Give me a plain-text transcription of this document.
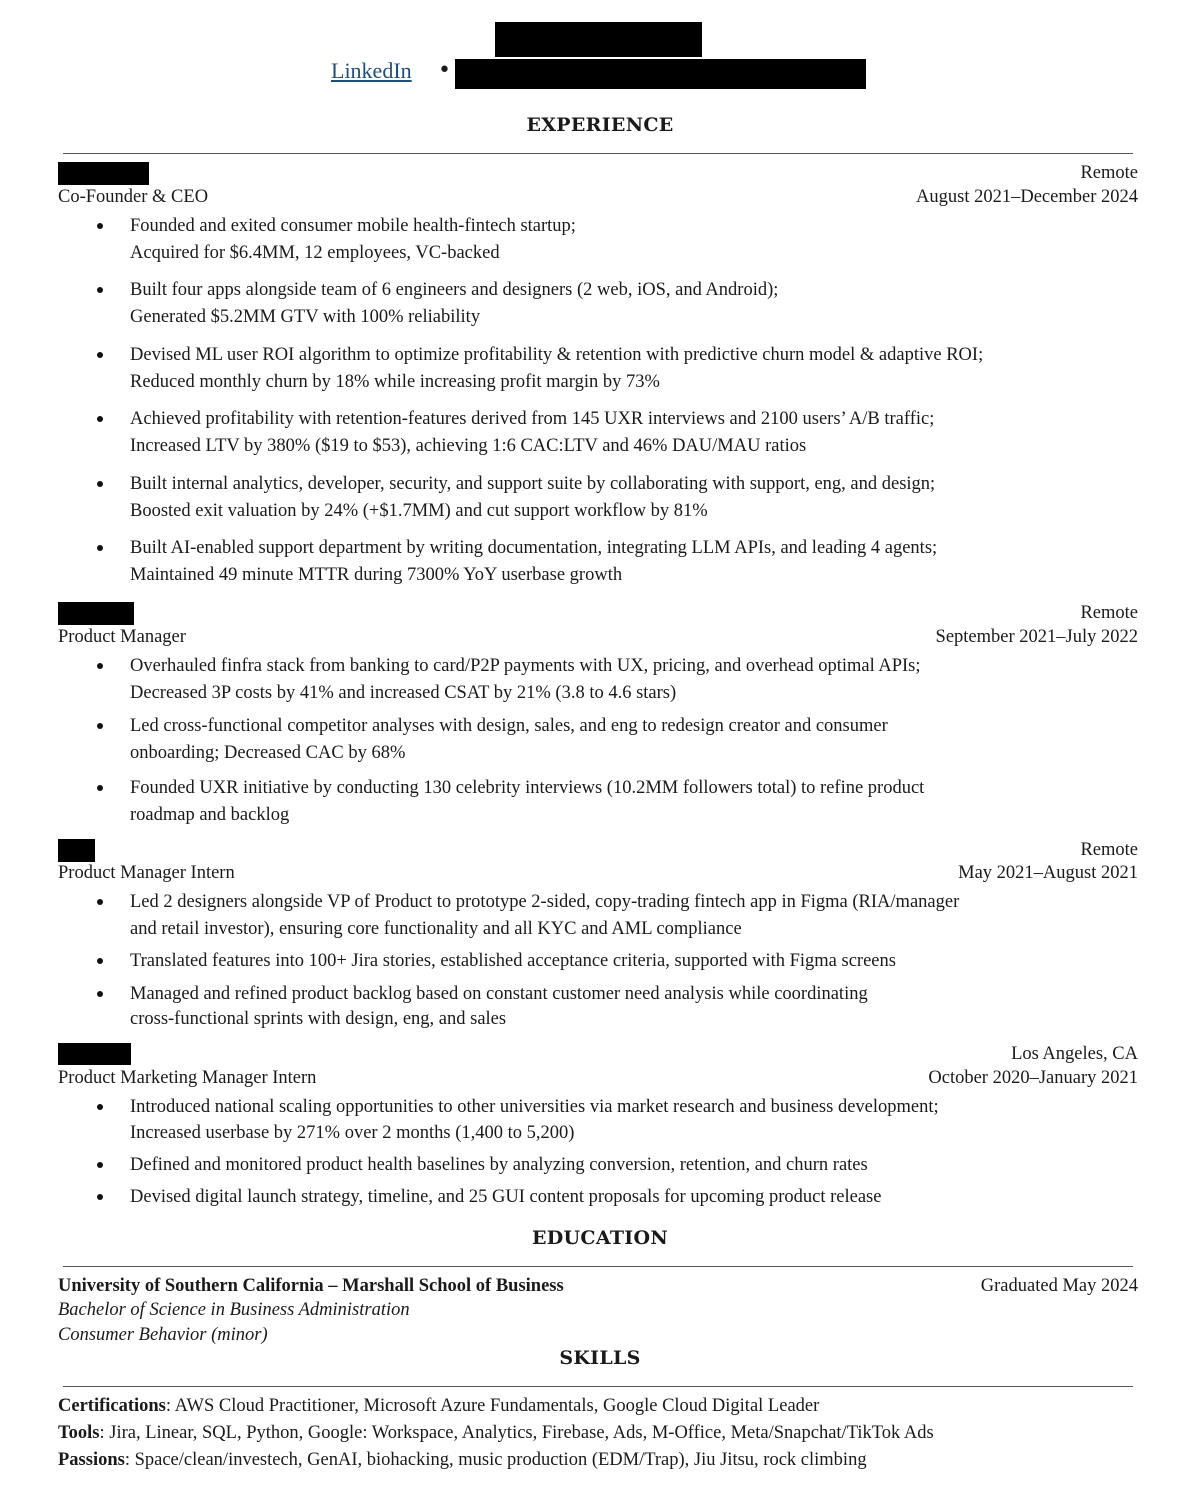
LinkedIn •
EXPERIENCE
Remote
Co-Founder & CEO	August 2021–December 2024
Founded and exited consumer mobile health-fintech startup;
Acquired for $6.4MM, 12 employees, VC-backed
Built four apps alongside team of 6 engineers and designers (2 web, iOS, and Android);
Generated $5.2MM GTV with 100% reliability
Devised ML user ROI algorithm to optimize profitability & retention with predictive churn model & adaptive ROI;
Reduced monthly churn by 18% while increasing profit margin by 73%
Achieved profitability with retention-features derived from 145 UXR interviews and 2100 users’ A/B traffic;
Increased LTV by 380% ($19 to $53), achieving 1:6 CAC:LTV and 46% DAU/MAU ratios
Built internal analytics, developer, security, and support suite by collaborating with support, eng, and design;
Boosted exit valuation by 24% (+$1.7MM) and cut support workflow by 81%
Built AI-enabled support department by writing documentation, integrating LLM APIs, and leading 4 agents;
Maintained 49 minute MTTR during 7300% YoY userbase growth
Remote
Product Manager	September 2021–July 2022
Overhauled finfra stack from banking to card/P2P payments with UX, pricing, and overhead optimal APIs;
Decreased 3P costs by 41% and increased CSAT by 21% (3.8 to 4.6 stars)
Led cross-functional competitor analyses with design, sales, and eng to redesign creator and consumer
onboarding; Decreased CAC by 68%
Founded UXR initiative by conducting 130 celebrity interviews (10.2MM followers total) to refine product
roadmap and backlog
Remote
Product Manager Intern	May 2021–August 2021
Led 2 designers alongside VP of Product to prototype 2-sided, copy-trading fintech app in Figma (RIA/manager
and retail investor), ensuring core functionality and all KYC and AML compliance
Translated features into 100+ Jira stories, established acceptance criteria, supported with Figma screens
Managed and refined product backlog based on constant customer need analysis while coordinating
cross-functional sprints with design, eng, and sales
Los Angeles, CA
Product Marketing Manager Intern	October 2020–January 2021
Introduced national scaling opportunities to other universities via market research and business development;
Increased userbase by 271% over 2 months (1,400 to 5,200)
Defined and monitored product health baselines by analyzing conversion, retention, and churn rates
Devised digital launch strategy, timeline, and 25 GUI content proposals for upcoming product release
EDUCATION
University of Southern California – Marshall School of Business	Graduated May 2024
Bachelor of Science in Business Administration
Consumer Behavior (minor)
SKILLS
Certifications: AWS Cloud Practitioner, Microsoft Azure Fundamentals, Google Cloud Digital Leader
Tools: Jira, Linear, SQL, Python, Google: Workspace, Analytics, Firebase, Ads, M-Office, Meta/Snapchat/TikTok Ads
Passions: Space/clean/investech, GenAI, biohacking, music production (EDM/Trap), Jiu Jitsu, rock climbing
